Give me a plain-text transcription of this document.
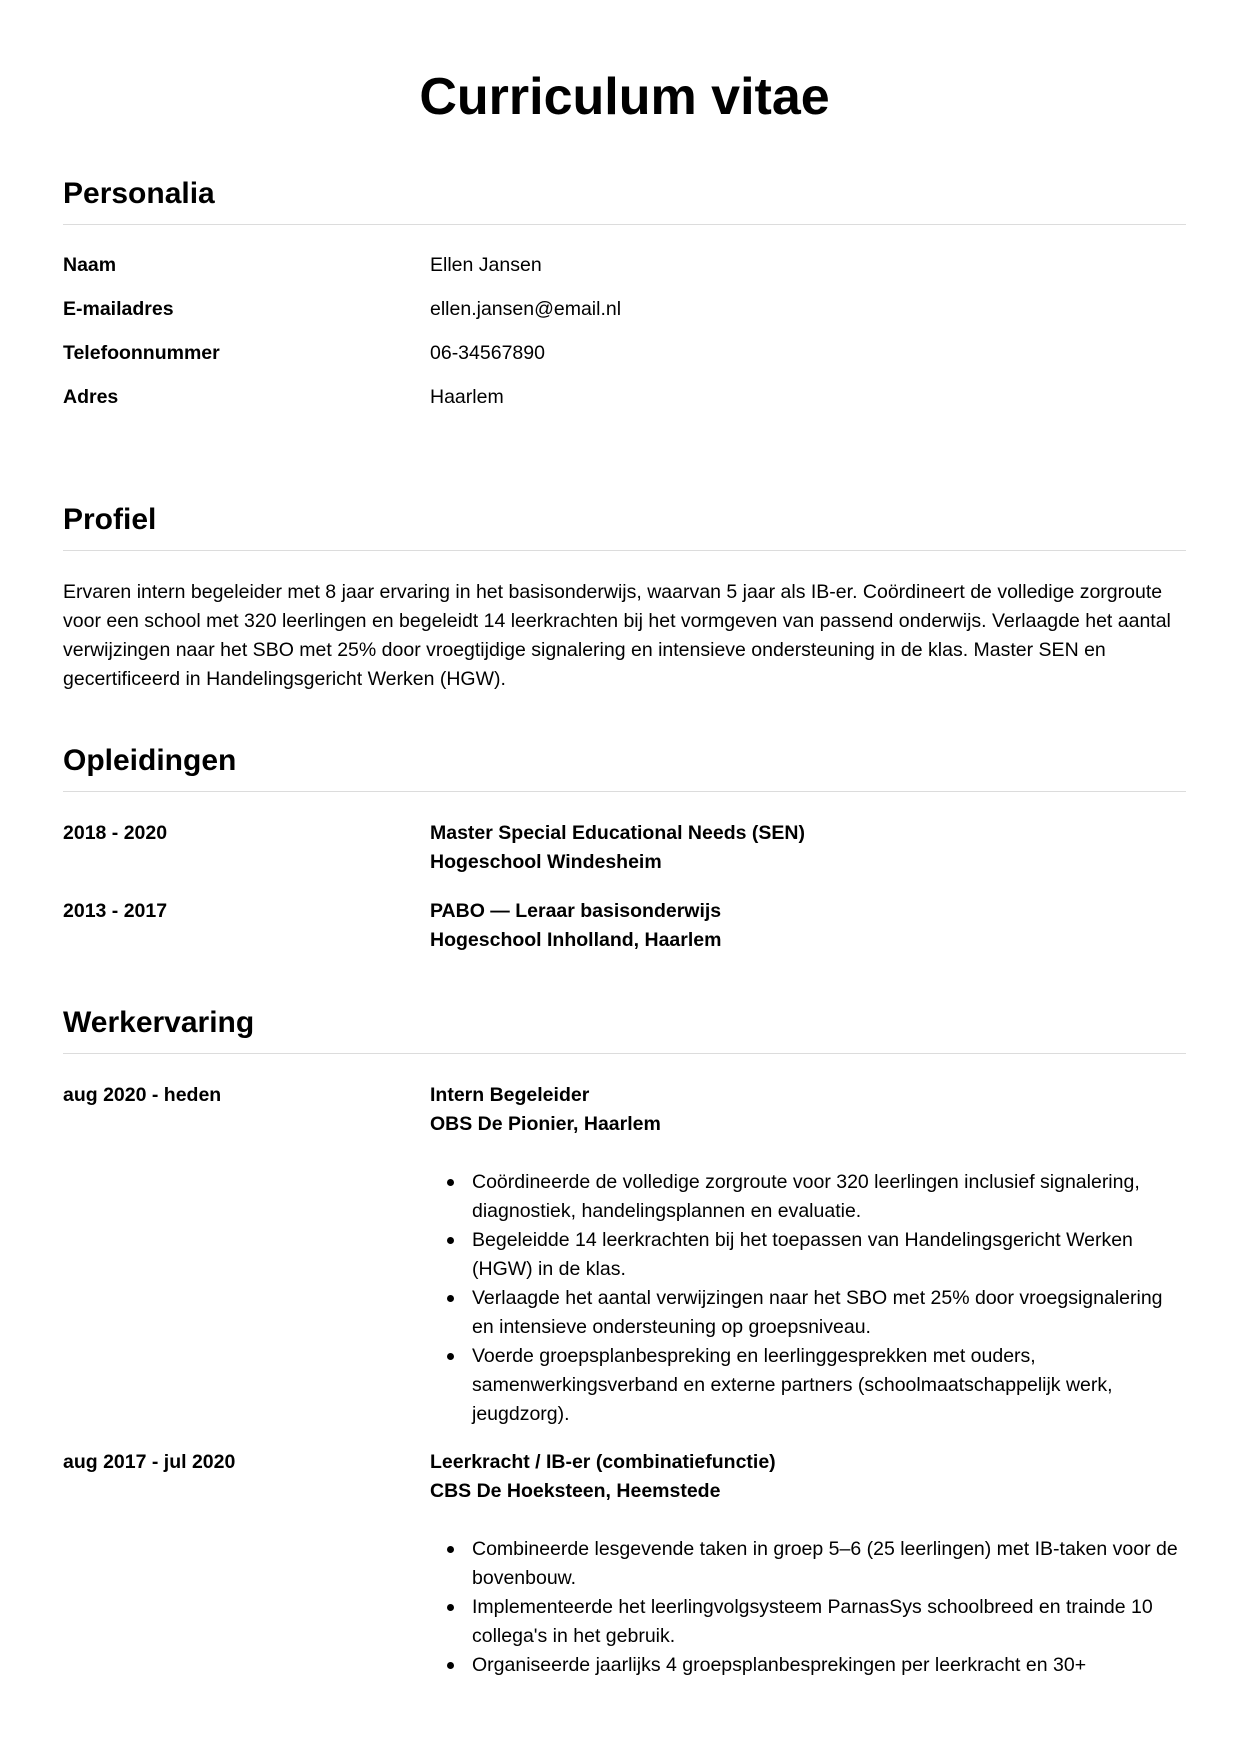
Curriculum vitae
Personalia
Naam	Ellen Jansen
E-mailadres	ellen.jansen@email.nl
Telefoonnummer	06-34567890
Adres	Haarlem
Profiel

Ervaren intern begeleider met 8 jaar ervaring in het basisonderwijs, waarvan 5 jaar als IB-er. Coördineert de volledige zorgroute voor een school met 320 leerlingen en begeleidt 14 leerkrachten bij het vormgeven van passend onderwijs. Verlaagde het aantal verwijzingen naar het SBO met 25% door vroegtijdige signalering en intensieve ondersteuning in de klas. Master SEN en gecertificeerd in Handelingsgericht Werken (HGW).

Opleidingen
2018 - 2020	Master Special Educational Needs (SEN)
Hogeschool Windesheim
2013 - 2017	PABO — Leraar basisonderwijs
Hogeschool Inholland, Haarlem
Werkervaring
aug 2020 - heden	Intern Begeleider
OBS De Pionier, Haarlem
Coördineerde de volledige zorgroute voor 320 leerlingen inclusief signalering, diagnostiek, handelingsplannen en evaluatie.
Begeleidde 14 leerkrachten bij het toepassen van Handelingsgericht Werken (HGW) in de klas.
Verlaagde het aantal verwijzingen naar het SBO met 25% door vroegsignalering en intensieve ondersteuning op groepsniveau.
Voerde groepsplanbespreking en leerlinggesprekken met ouders, samenwerkingsverband en externe partners (schoolmaatschappelijk werk, jeugdzorg).
aug 2017 - jul 2020	Leerkracht / IB-er (combinatiefunctie)
CBS De Hoeksteen, Heemstede
Combineerde lesgevende taken in groep 5–6 (25 leerlingen) met IB-taken voor de bovenbouw.
Implementeerde het leerlingvolgsysteem ParnasSys schoolbreed en trainde 10 collega's in het gebruik.
Organiseerde jaarlijks 4 groepsplanbesprekingen per leerkracht en 30+
